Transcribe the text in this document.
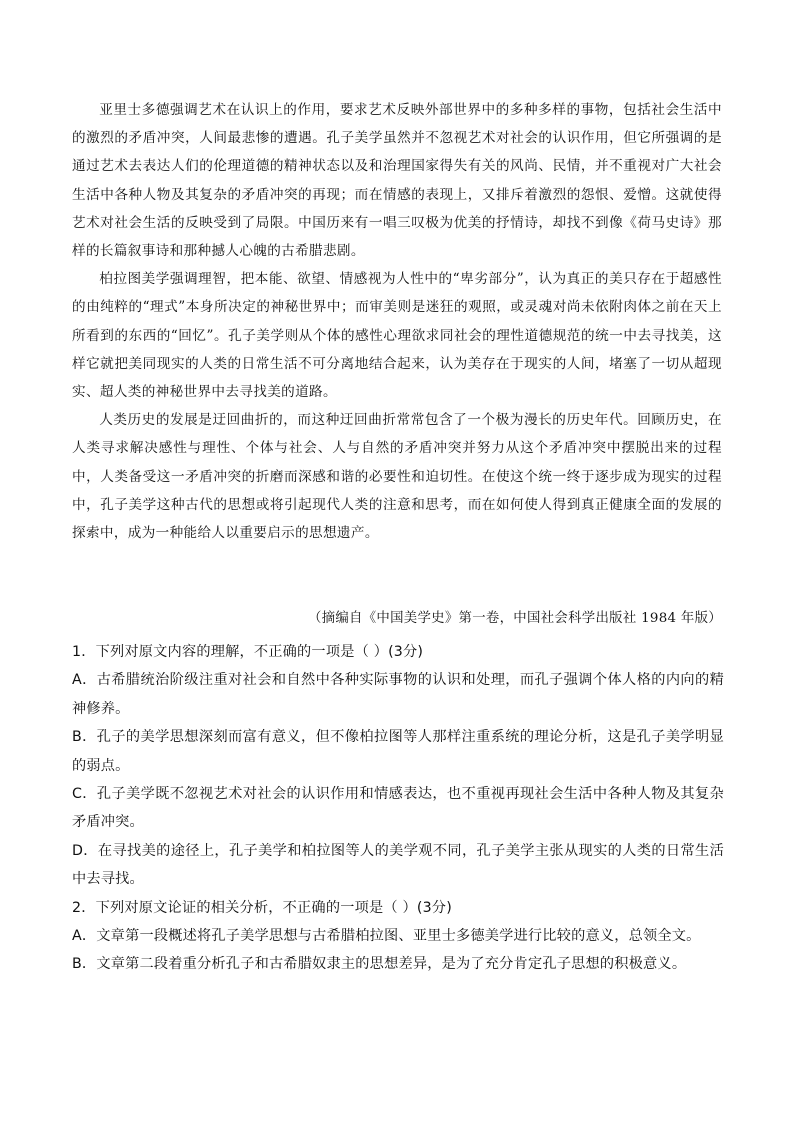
亚里士多德强调艺术在认识上的作用，要求艺术反映外部世界中的多种多样的事物，包括社会生活中的激烈的矛盾冲突，人间最悲惨的遭遇。孔子美学虽然并不忽视艺术对社会的认识作用，但它所强调的是通过艺术去表达人们的伦理道德的精神状态以及和治理国家得失有关的风尚、民情，并不重视对广大社会生活中各种人物及其复杂的矛盾冲突的再现；而在情感的表现上，又排斥着激烈的怨恨、爱憎。这就使得艺术对社会生活的反映受到了局限。中国历来有一唱三叹极为优美的抒情诗，却找不到像《荷马史诗》那样的长篇叙事诗和那种撼人心魄的古希腊悲剧。

柏拉图美学强调理智，把本能、欲望、情感视为人性中的“卑劣部分”，认为真正的美只存在于超感性的由纯粹的“理式”本身所决定的神秘世界中；而审美则是迷狂的观照，或灵魂对尚未依附肉体之前在天上所看到的东西的“回忆”。孔子美学则从个体的感性心理欲求同社会的理性道德规范的统一中去寻找美，这样它就把美同现实的人类的日常生活不可分离地结合起来，认为美存在于现实的人间，堵塞了一切从超现实、超人类的神秘世界中去寻找美的道路。

人类历史的发展是迂回曲折的，而这种迂回曲折常常包含了一个极为漫长的历史年代。回顾历史，在人类寻求解决感性与理性、个体与社会、人与自然的矛盾冲突并努力从这个矛盾冲突中摆脱出来的过程中，人类备受这一矛盾冲突的折磨而深感和谐的必要性和迫切性。在使这个统一终于逐步成为现实的过程中，孔子美学这种古代的思想或将引起现代人类的注意和思考，而在如何使人得到真正健康全面的发展的探索中，成为一种能给人以重要启示的思想遗产。

（摘编自《中国美学史》第一卷，中国社会科学出版社 1984 年版）

1．下列对原文内容的理解，不正确的一项是（ ）(3分)

A．古希腊统治阶级注重对社会和自然中各种实际事物的认识和处理，而孔子强调个体人格的内向的精神修养。

B．孔子的美学思想深刻而富有意义，但不像柏拉图等人那样注重系统的理论分析，这是孔子美学明显的弱点。

C．孔子美学既不忽视艺术对社会的认识作用和情感表达，也不重视再现社会生活中各种人物及其复杂矛盾冲突。

D．在寻找美的途径上，孔子美学和柏拉图等人的美学观不同，孔子美学主张从现实的人类的日常生活中去寻找。

2．下列对原文论证的相关分析，不正确的一项是（ ）(3分)

A．文章第一段概述将孔子美学思想与古希腊柏拉图、亚里士多德美学进行比较的意义，总领全文。

B．文章第二段着重分析孔子和古希腊奴隶主的思想差异，是为了充分肯定孔子思想的积极意义。
